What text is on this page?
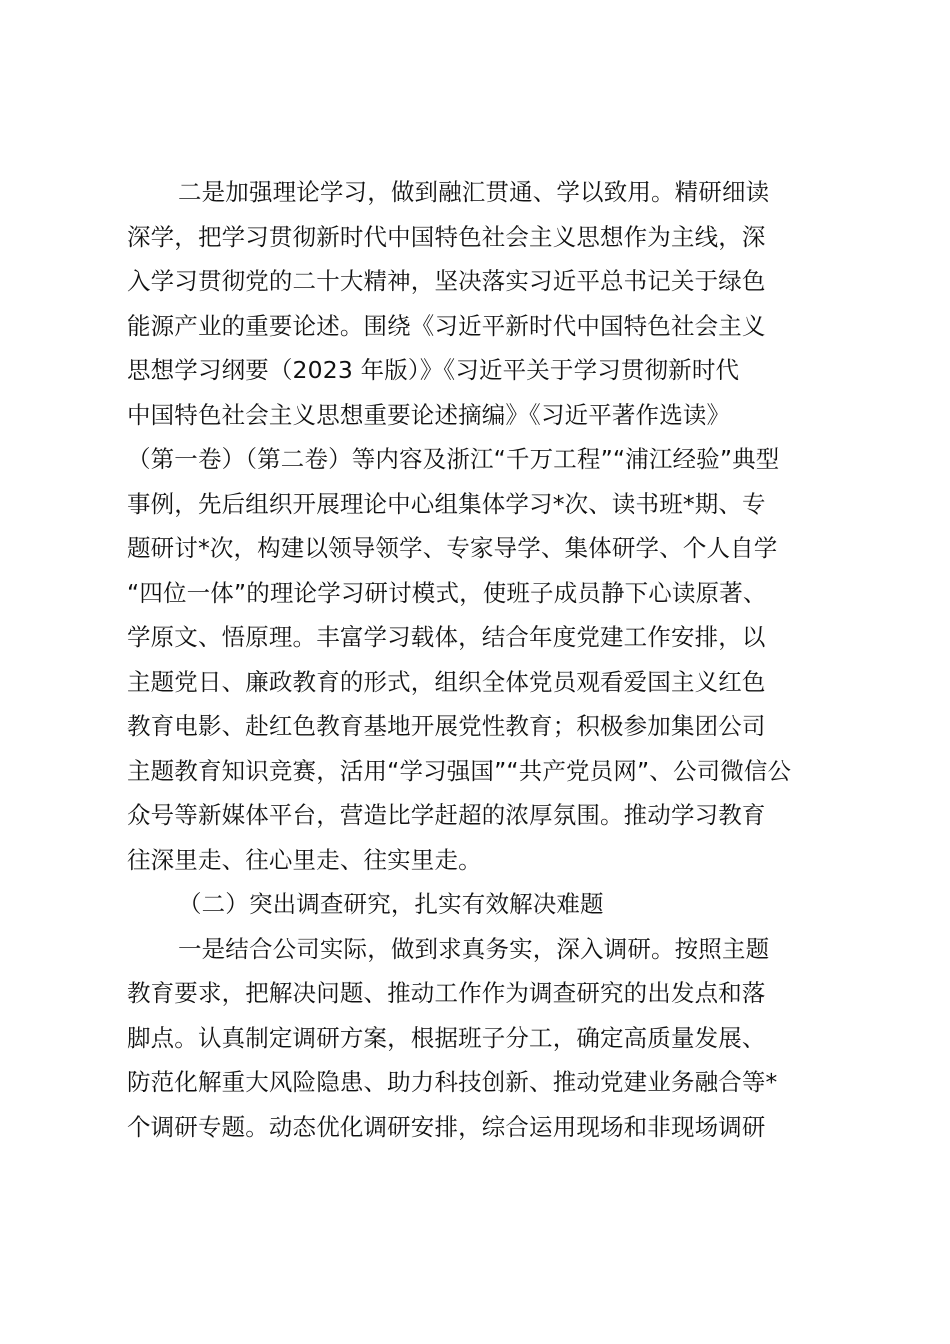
二是加强理论学习，做到融汇贯通、学以致用。精研细读
深学，把学习贯彻新时代中国特色社会主义思想作为主线，深
入学习贯彻党的二十大精神，坚决落实习近平总书记关于绿色
能源产业的重要论述。围绕《习近平新时代中国特色社会主义
思想学习纲要（2023 年版）》《习近平关于学习贯彻新时代
中国特色社会主义思想重要论述摘编》《习近平著作选读》
（第一卷）（第二卷）等内容及浙江“千万工程”“浦江经验”典型
事例，先后组织开展理论中心组集体学习*次、读书班*期、专
题研讨*次，构建以领导领学、专家导学、集体研学、个人自学
“四位一体”的理论学习研讨模式，使班子成员静下心读原著、
学原文、悟原理。丰富学习载体，结合年度党建工作安排，以
主题党日、廉政教育的形式，组织全体党员观看爱国主义红色
教育电影、赴红色教育基地开展党性教育；积极参加集团公司
主题教育知识竞赛，活用“学习强国”“共产党员网”、公司微信公
众号等新媒体平台，营造比学赶超的浓厚氛围。推动学习教育
往深里走、往心里走、往实里走。
（二）突出调查研究，扎实有效解决难题
一是结合公司实际，做到求真务实，深入调研。按照主题
教育要求，把解决问题、推动工作作为调查研究的出发点和落
脚点。认真制定调研方案，根据班子分工，确定高质量发展、
防范化解重大风险隐患、助力科技创新、推动党建业务融合等*
个调研专题。动态优化调研安排，综合运用现场和非现场调研
